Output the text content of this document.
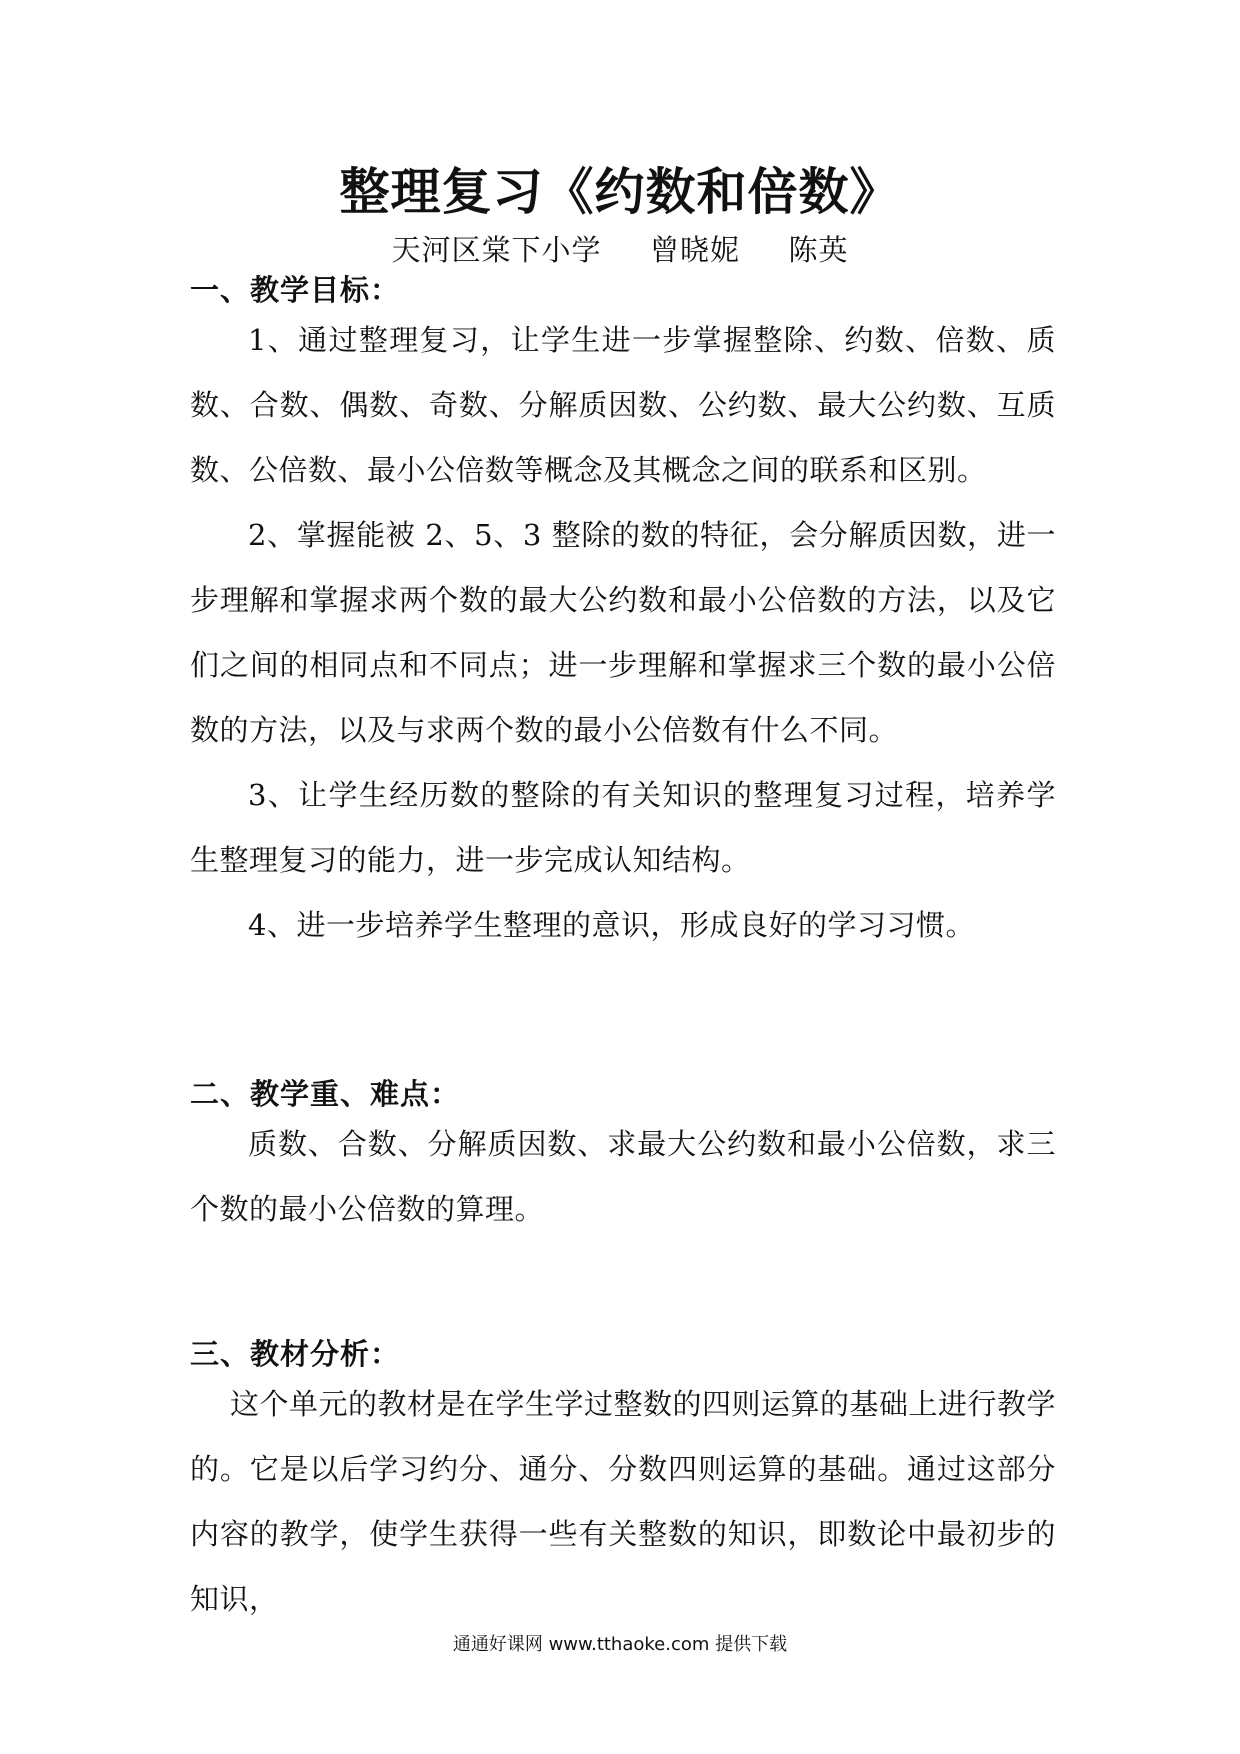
整理复习《约数和倍数》
天河区棠下小学 曾晓妮 陈英
一、教学目标：
1、通过整理复习，让学生进一步掌握整除、约数、倍数、质数、合数、偶数、奇数、分解质因数、公约数、最大公约数、互质数、公倍数、最小公倍数等概念及其概念之间的联系和区别。
2、掌握能被 2、5、3 整除的数的特征，会分解质因数，进一步理解和掌握求两个数的最大公约数和最小公倍数的方法，以及它们之间的相同点和不同点；进一步理解和掌握求三个数的最小公倍数的方法，以及与求两个数的最小公倍数有什么不同。
3、让学生经历数的整除的有关知识的整理复习过程，培养学生整理复习的能力，进一步完成认知结构。
4、进一步培养学生整理的意识，形成良好的学习习惯。
二、教学重、难点：
质数、合数、分解质因数、求最大公约数和最小公倍数，求三个数的最小公倍数的算理。
三、教材分析：
这个单元的教材是在学生学过整数的四则运算的基础上进行教学的。它是以后学习约分、通分、分数四则运算的基础。通过这部分内容的教学，使学生获得一些有关整数的知识，即数论中最初步的知识，
通通好课网 www.tthaoke.com 提供下载
